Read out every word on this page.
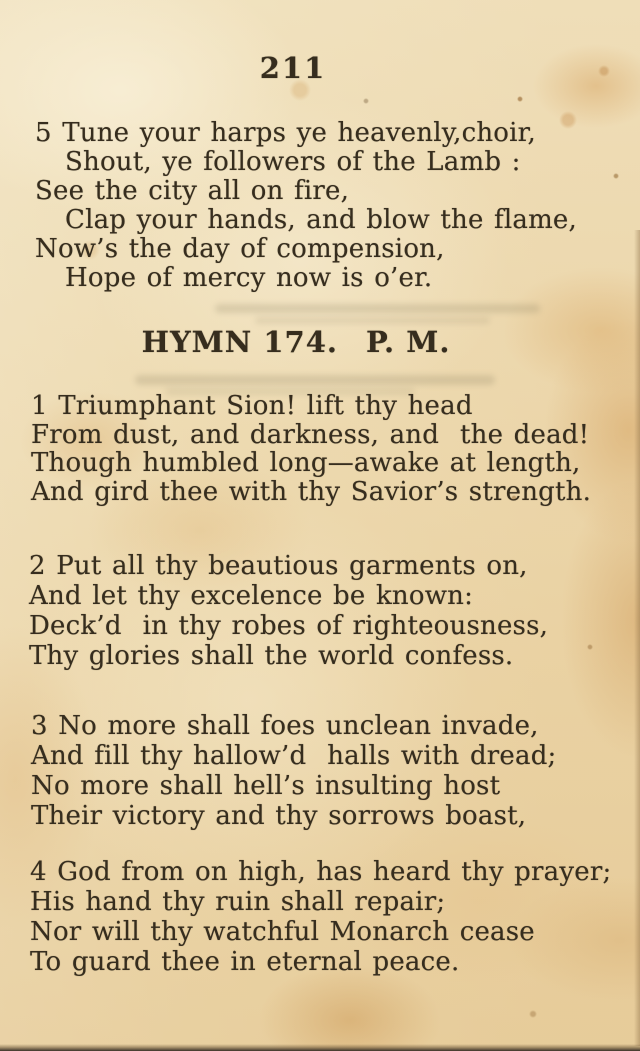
211
5 Tune your harps ye heavenly,choir,
Shout, ye followers of the Lamb :
See the city all on fire,
Clap your hands, and blow the flame,
Now’s the day of compension,
Hope of mercy now is o’er.
HYMN 174. P. M.
1 Triumphant Sion! lift thy head
From dust, and darkness, and  the dead!
Though humbled long—awake at length,
And gird thee with thy Savior’s strength.
2 Put all thy beautious garments on,
And let thy excelence be known:
Deck’d  in thy robes of righteousness,
Thy glories shall the world confess.
3 No more shall foes unclean invade,
And fill thy hallow’d  halls with dread;
No more shall hell’s insulting host
Their victory and thy sorrows boast,
4 God from on high, has heard thy prayer;
His hand thy ruin shall repair;
Nor will thy watchful Monarch cease
To guard thee in eternal peace.
